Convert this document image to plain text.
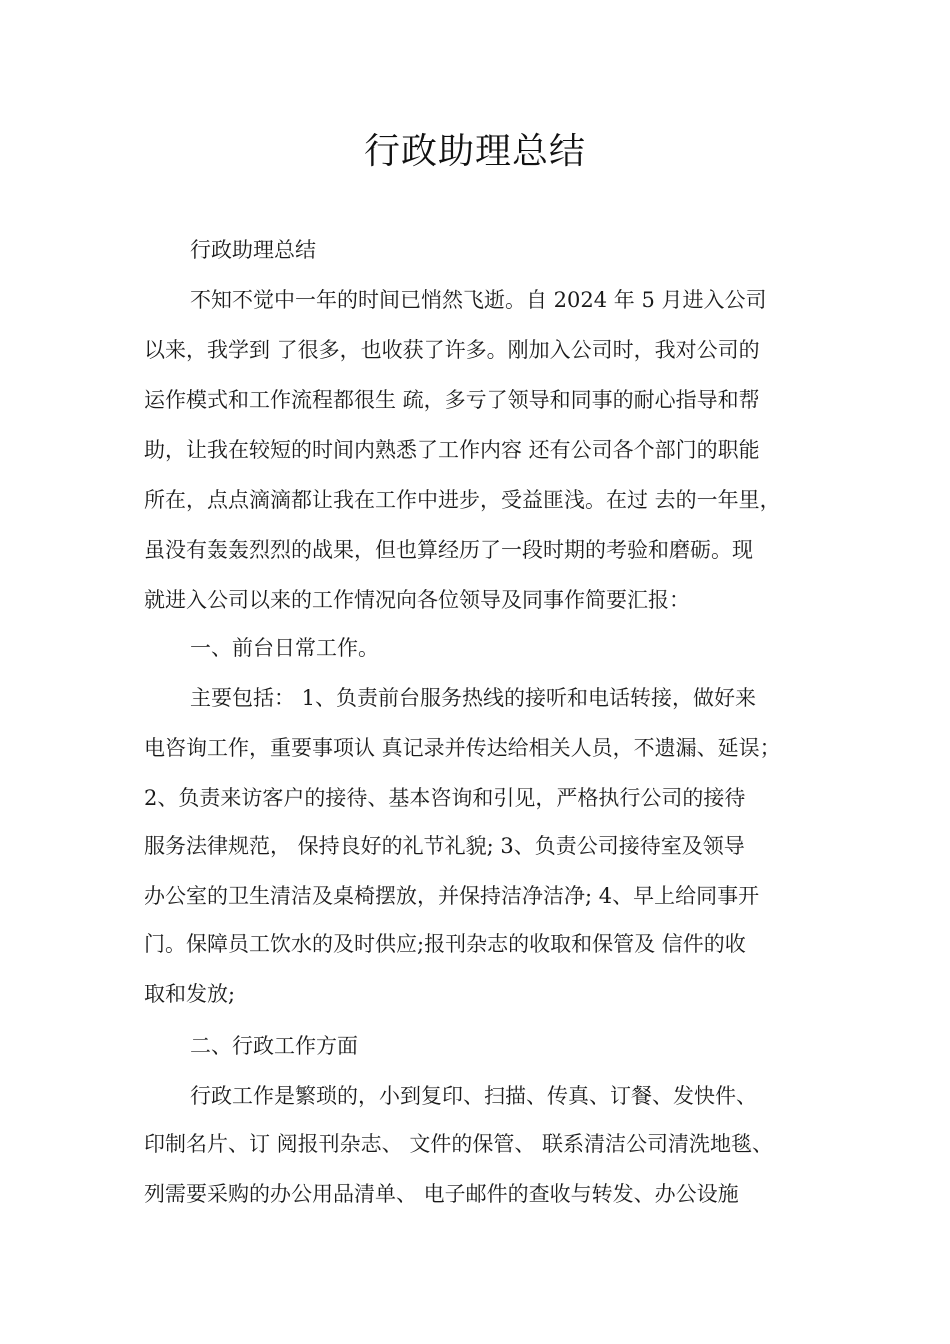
行政助理总结
行政助理总结
不知不觉中一年的时间已悄然飞逝。自 2024 年 5 月进入公司
以来，我学到 了很多，也收获了许多。刚加入公司时，我对公司的
运作模式和工作流程都很生 疏，多亏了领导和同事的耐心指导和帮
助，让我在较短的时间内熟悉了工作内容 还有公司各个部门的职能
所在，点点滴滴都让我在工作中进步，受益匪浅。在过 去的一年里，
虽没有轰轰烈烈的战果，但也算经历了一段时期的考验和磨砺。现
就进入公司以来的工作情况向各位领导及同事作简要汇报：
一、前台日常工作。
主要包括： 1、负责前台服务热线的接听和电话转接，做好来
电咨询工作，重要事项认 真记录并传达给相关人员，不遗漏、延误；
2、负责来访客户的接待、基本咨询和引见，严格执行公司的接待
服务法律规范， 保持良好的礼节礼貌; 3、负责公司接待室及领导
办公室的卫生清洁及桌椅摆放，并保持洁净洁净; 4、早上给同事开
门。保障员工饮水的及时供应;报刊杂志的收取和保管及 信件的收
取和发放;
二、行政工作方面
行政工作是繁琐的，小到复印、扫描、传真、订餐、发快件、
印制名片、订 阅报刊杂志、 文件的保管、 联系清洁公司清洗地毯、
列需要采购的办公用品清单、 电子邮件的查收与转发、办公设施
